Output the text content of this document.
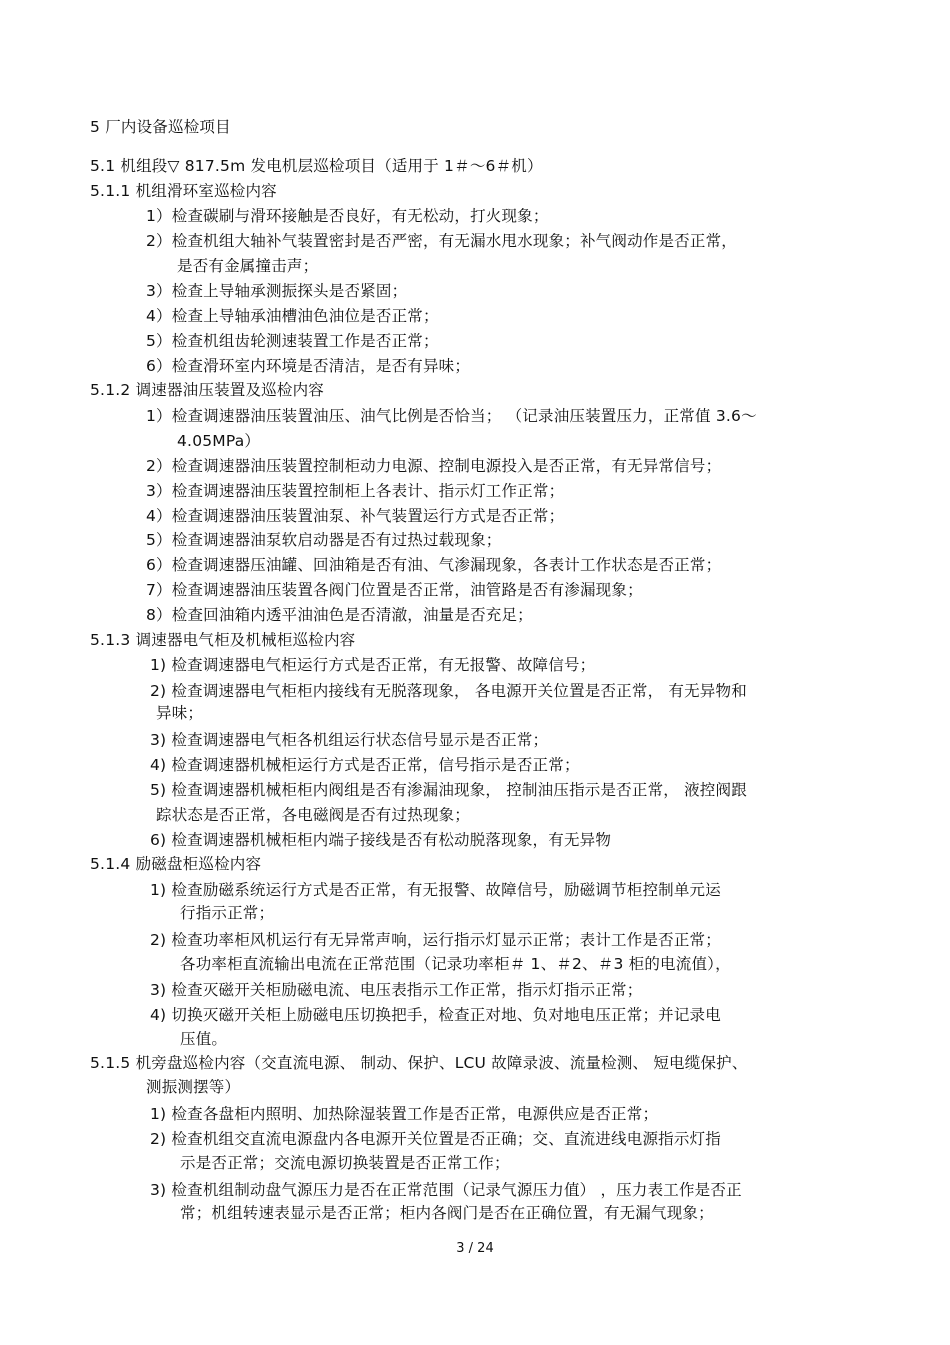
5 厂内设备巡检项目
5.1 机组段▽ 817.5m 发电机层巡检项目（适用于 1＃～6＃机）
5.1.1 机组滑环室巡检内容
1）检查碳刷与滑环接触是否良好，有无松动，打火现象；
2）检查机组大轴补气装置密封是否严密，有无漏水甩水现象；补气阀动作是否正常，
是否有金属撞击声；
3）检查上导轴承测振探头是否紧固；
4）检查上导轴承油槽油色油位是否正常；
5）检查机组齿轮测速装置工作是否正常；
6）检查滑环室内环境是否清洁，是否有异味；
5.1.2 调速器油压装置及巡检内容
1）检查调速器油压装置油压、油气比例是否恰当； （记录油压装置压力，正常值 3.6～
4.05MPa）
2）检查调速器油压装置控制柜动力电源、控制电源投入是否正常，有无异常信号；
3）检查调速器油压装置控制柜上各表计、指示灯工作正常；
4）检查调速器油压装置油泵、补气装置运行方式是否正常；
5）检查调速器油泵软启动器是否有过热过载现象；
6）检查调速器压油罐、回油箱是否有油、气渗漏现象，各表计工作状态是否正常；
7）检查调速器油压装置各阀门位置是否正常，油管路是否有渗漏现象；
8）检查回油箱内透平油油色是否清澈，油量是否充足；
5.1.3 调速器电气柜及机械柜巡检内容
1) 检查调速器电气柜运行方式是否正常，有无报警、故障信号；
2) 检查调速器电气柜柜内接线有无脱落现象， 各电源开关位置是否正常， 有无异物和
异味；
3) 检查调速器电气柜各机组运行状态信号显示是否正常；
4) 检查调速器机械柜运行方式是否正常，信号指示是否正常；
5) 检查调速器机械柜柜内阀组是否有渗漏油现象， 控制油压指示是否正常， 液控阀跟
踪状态是否正常，各电磁阀是否有过热现象；
6) 检查调速器机械柜柜内端子接线是否有松动脱落现象，有无异物
5.1.4 励磁盘柜巡检内容
1) 检查励磁系统运行方式是否正常，有无报警、故障信号，励磁调节柜控制单元运
行指示正常；
2) 检查功率柜风机运行有无异常声响，运行指示灯显示正常；表计工作是否正常；
各功率柜直流输出电流在正常范围（记录功率柜＃ 1、＃2、＃3 柜的电流值），
3) 检查灭磁开关柜励磁电流、电压表指示工作正常，指示灯指示正常；
4) 切换灭磁开关柜上励磁电压切换把手，检查正对地、负对地电压正常；并记录电
压值。
5.1.5 机旁盘巡检内容（交直流电源、 制动、保护、LCU 故障录波、流量检测、 短电缆保护、
测振测摆等）
1) 检查各盘柜内照明、加热除湿装置工作是否正常，电源供应是否正常；
2) 检查机组交直流电源盘内各电源开关位置是否正确；交、直流进线电源指示灯指
示是否正常；交流电源切换装置是否正常工作；
3) 检查机组制动盘气源压力是否在正常范围（记录气源压力值） ，压力表工作是否正
常；机组转速表显示是否正常；柜内各阀门是否在正确位置，有无漏气现象；
3 / 24
